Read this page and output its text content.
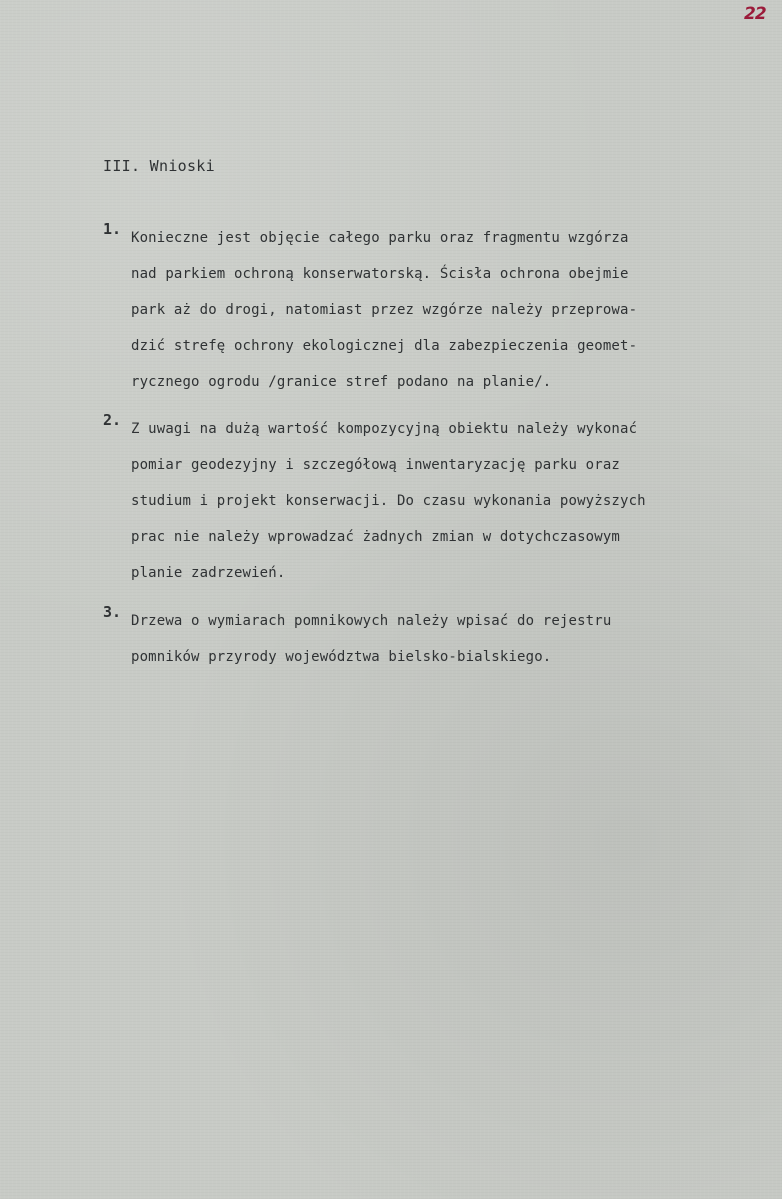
22
III. Wnioski
1. Konieczne jest objęcie całego parku oraz fragmentu wzgórza
nad parkiem ochroną konserwatorską. Ścisła ochrona obejmie
park aż do drogi, natomiast przez wzgórze należy przeprowa-
dzić strefę ochrony ekologicznej dla zabezpieczenia geomet-
rycznego ogrodu /granice stref podano na planie/.

2. Z uwagi na dużą wartość kompozycyjną obiektu należy wykonać
pomiar geodezyjny i szczegółową inwentaryzację parku oraz
studium i projekt konserwacji. Do czasu wykonania powyższych
prac nie należy wprowadzać żadnych zmian w dotychczasowym
planie zadrzewień.

3. Drzewa o wymiarach pomnikowych należy wpisać do rejestru
pomników przyrody województwa bielsko-bialskiego.
